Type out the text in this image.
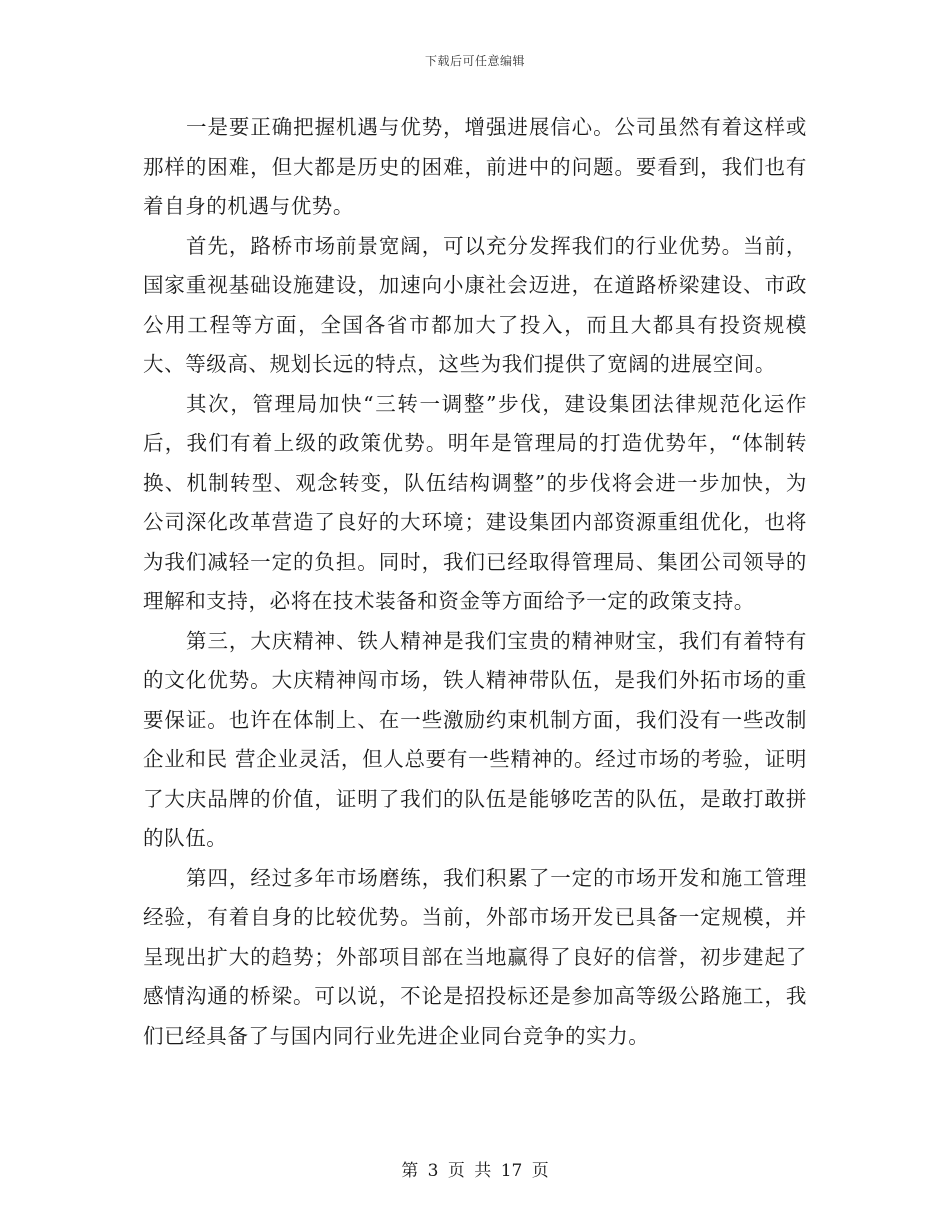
下载后可任意编辑

一是要正确把握机遇与优势，增强进展信心。公司虽然有着这样或那样的困难，但大都是历史的困难，前进中的问题。要看到，我们也有着自身的机遇与优势。

首先，路桥市场前景宽阔，可以充分发挥我们的行业优势。当前，国家重视基础设施建设，加速向小康社会迈进，在道路桥梁建设、市政公用工程等方面，全国各省市都加大了投入，而且大都具有投资规模大、等级高、规划长远的特点，这些为我们提供了宽阔的进展空间。

其次，管理局加快“三转一调整”步伐，建设集团法律规范化运作后，我们有着上级的政策优势。明年是管理局的打造优势年，“体制转换、机制转型、观念转变，队伍结构调整”的步伐将会进一步加快，为公司深化改革营造了良好的大环境；建设集团内部资源重组优化，也将为我们减轻一定的负担。同时，我们已经取得管理局、集团公司领导的理解和支持，必将在技术装备和资金等方面给予一定的政策支持。

第三，大庆精神、铁人精神是我们宝贵的精神财宝，我们有着特有的文化优势。大庆精神闯市场，铁人精神带队伍，是我们外拓市场的重要保证。也许在体制上、在一些激励约束机制方面，我们没有一些改制企业和民 营企业灵活，但人总要有一些精神的。经过市场的考验，证明了大庆品牌的价值，证明了我们的队伍是能够吃苦的队伍，是敢打敢拼的队伍。

第四，经过多年市场磨练，我们积累了一定的市场开发和施工管理经验，有着自身的比较优势。当前，外部市场开发已具备一定规模，并呈现出扩大的趋势；外部项目部在当地赢得了良好的信誉，初步建起了感情沟通的桥梁。可以说，不论是招投标还是参加高等级公路施工，我们已经具备了与国内同行业先进企业同台竞争的实力。

第 3 页 共 17 页
